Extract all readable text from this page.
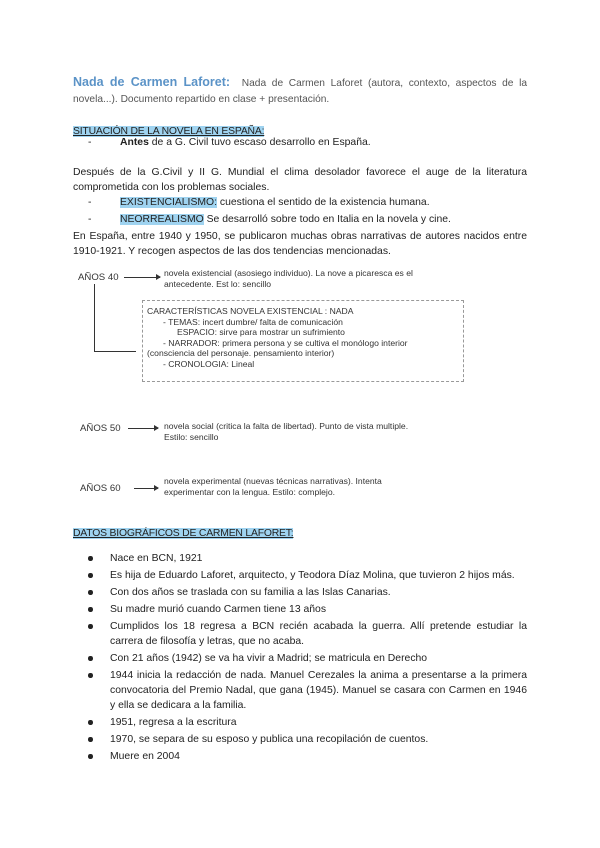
Nada de Carmen Laforet: Nada de Carmen Laforet (autora, contexto, aspectos de la novela...). Documento repartido en clase + presentación.
SITUACIÓN DE LA NOVELA EN ESPAÑA:
-	Antes de a G. Civil tuvo escaso desarrollo en España.
Después de la G.Civil y II G. Mundial el clima desolador favorece el auge de la literatura comprometida con los problemas sociales.
-	EXISTENCIALISMO: cuestiona el sentido de la existencia humana.
-	NEORREALISMO Se desarrolló sobre todo en Italia en la novela y cine.
En España, entre 1940 y 1950, se publicaron muchas obras narrativas de autores nacidos entre 1910-1921. Y recogen aspectos de las dos tendencias mencionadas.
AÑOS 40	novela existencial (asosiego individuo). La nove a picaresca es el
antecedente. Est lo: sencillo
CARACTERÍSTICAS NOVELA EXISTENCIAL : NADA
- TEMAS: incert dumbre/ falta de comunicación
ESPACIO: sirve para mostrar un sufrimiento
- NARRADOR: primera persona y se cultiva el monólogo interior
(consciencia del personaje. pensamiento interior)
- CRONOLOGIA: Lineal
AÑOS 50	novela social (critica la falta de libertad). Punto de vista multiple.
Estilo: sencillo
AÑOS 60
novela experimental (nuevas técnicas narrativas). Intenta
experimentar con la lengua. Estilo: complejo.
DATOS BIOGRÁFICOS DE CARMEN LAFORET:
Nace en BCN, 1921
Es hija de Eduardo Laforet, arquitecto, y Teodora Díaz Molina, que tuvieron 2 hijos más.
Con dos años se traslada con su familia a las Islas Canarias.
Su madre murió cuando Carmen tiene 13 años
Cumplidos los 18 regresa a BCN recién acabada la guerra. Allí pretende estudiar la carrera de filosofía y letras, que no acaba.
Con 21 años (1942) se va ha vivir a Madrid; se matricula en Derecho
1944 inicia la redacción de nada. Manuel Cerezales la anima a presentarse a la primera convocatoria del Premio Nadal, que gana (1945). Manuel se casara con Carmen en 1946 y ella se dedicara a la familia.
1951, regresa a la escritura
1970, se separa de su esposo y publica una recopilación de cuentos.
Muere en 2004
